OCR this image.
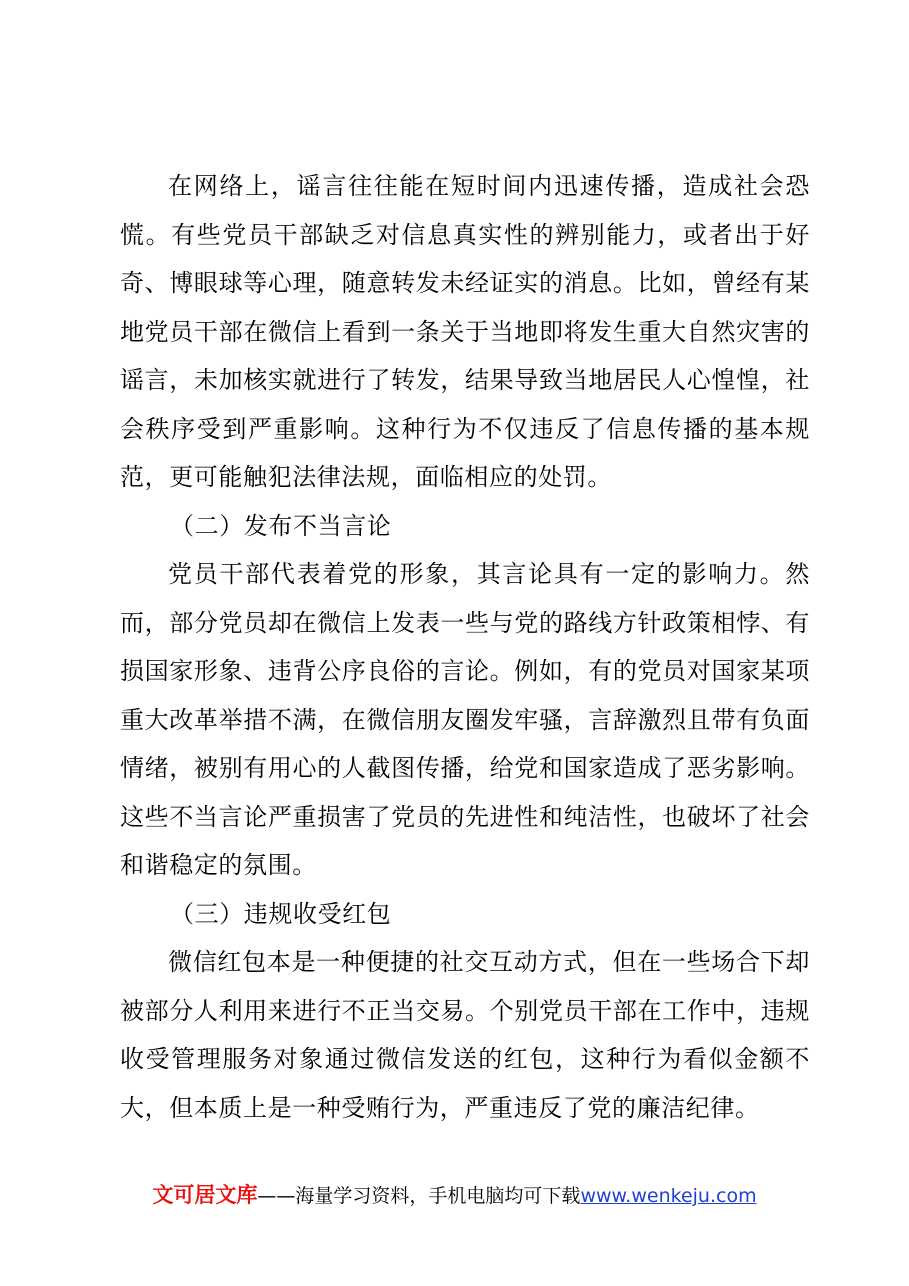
在网络上，谣言往往能在短时间内迅速传播，造成社会恐慌。有些党员干部缺乏对信息真实性的辨别能力，或者出于好奇、博眼球等心理，随意转发未经证实的消息。比如，曾经有某地党员干部在微信上看到一条关于当地即将发生重大自然灾害的谣言，未加核实就进行了转发，结果导致当地居民人心惶惶，社会秩序受到严重影响。这种行为不仅违反了信息传播的基本规范，更可能触犯法律法规，面临相应的处罚。

（二）发布不当言论

党员干部代表着党的形象，其言论具有一定的影响力。然而，部分党员却在微信上发表一些与党的路线方针政策相悖、有损国家形象、违背公序良俗的言论。例如，有的党员对国家某项重大改革举措不满，在微信朋友圈发牢骚，言辞激烈且带有负面情绪，被别有用心的人截图传播，给党和国家造成了恶劣影响。这些不当言论严重损害了党员的先进性和纯洁性，也破坏了社会和谐稳定的氛围。

（三）违规收受红包

微信红包本是一种便捷的社交互动方式，但在一些场合下却被部分人利用来进行不正当交易。个别党员干部在工作中，违规收受管理服务对象通过微信发送的红包，这种行为看似金额不大，但本质上是一种受贿行为，严重违反了党的廉洁纪律。

文可居文库——海量学习资料，手机电脑均可下载www.wenkeju.com
